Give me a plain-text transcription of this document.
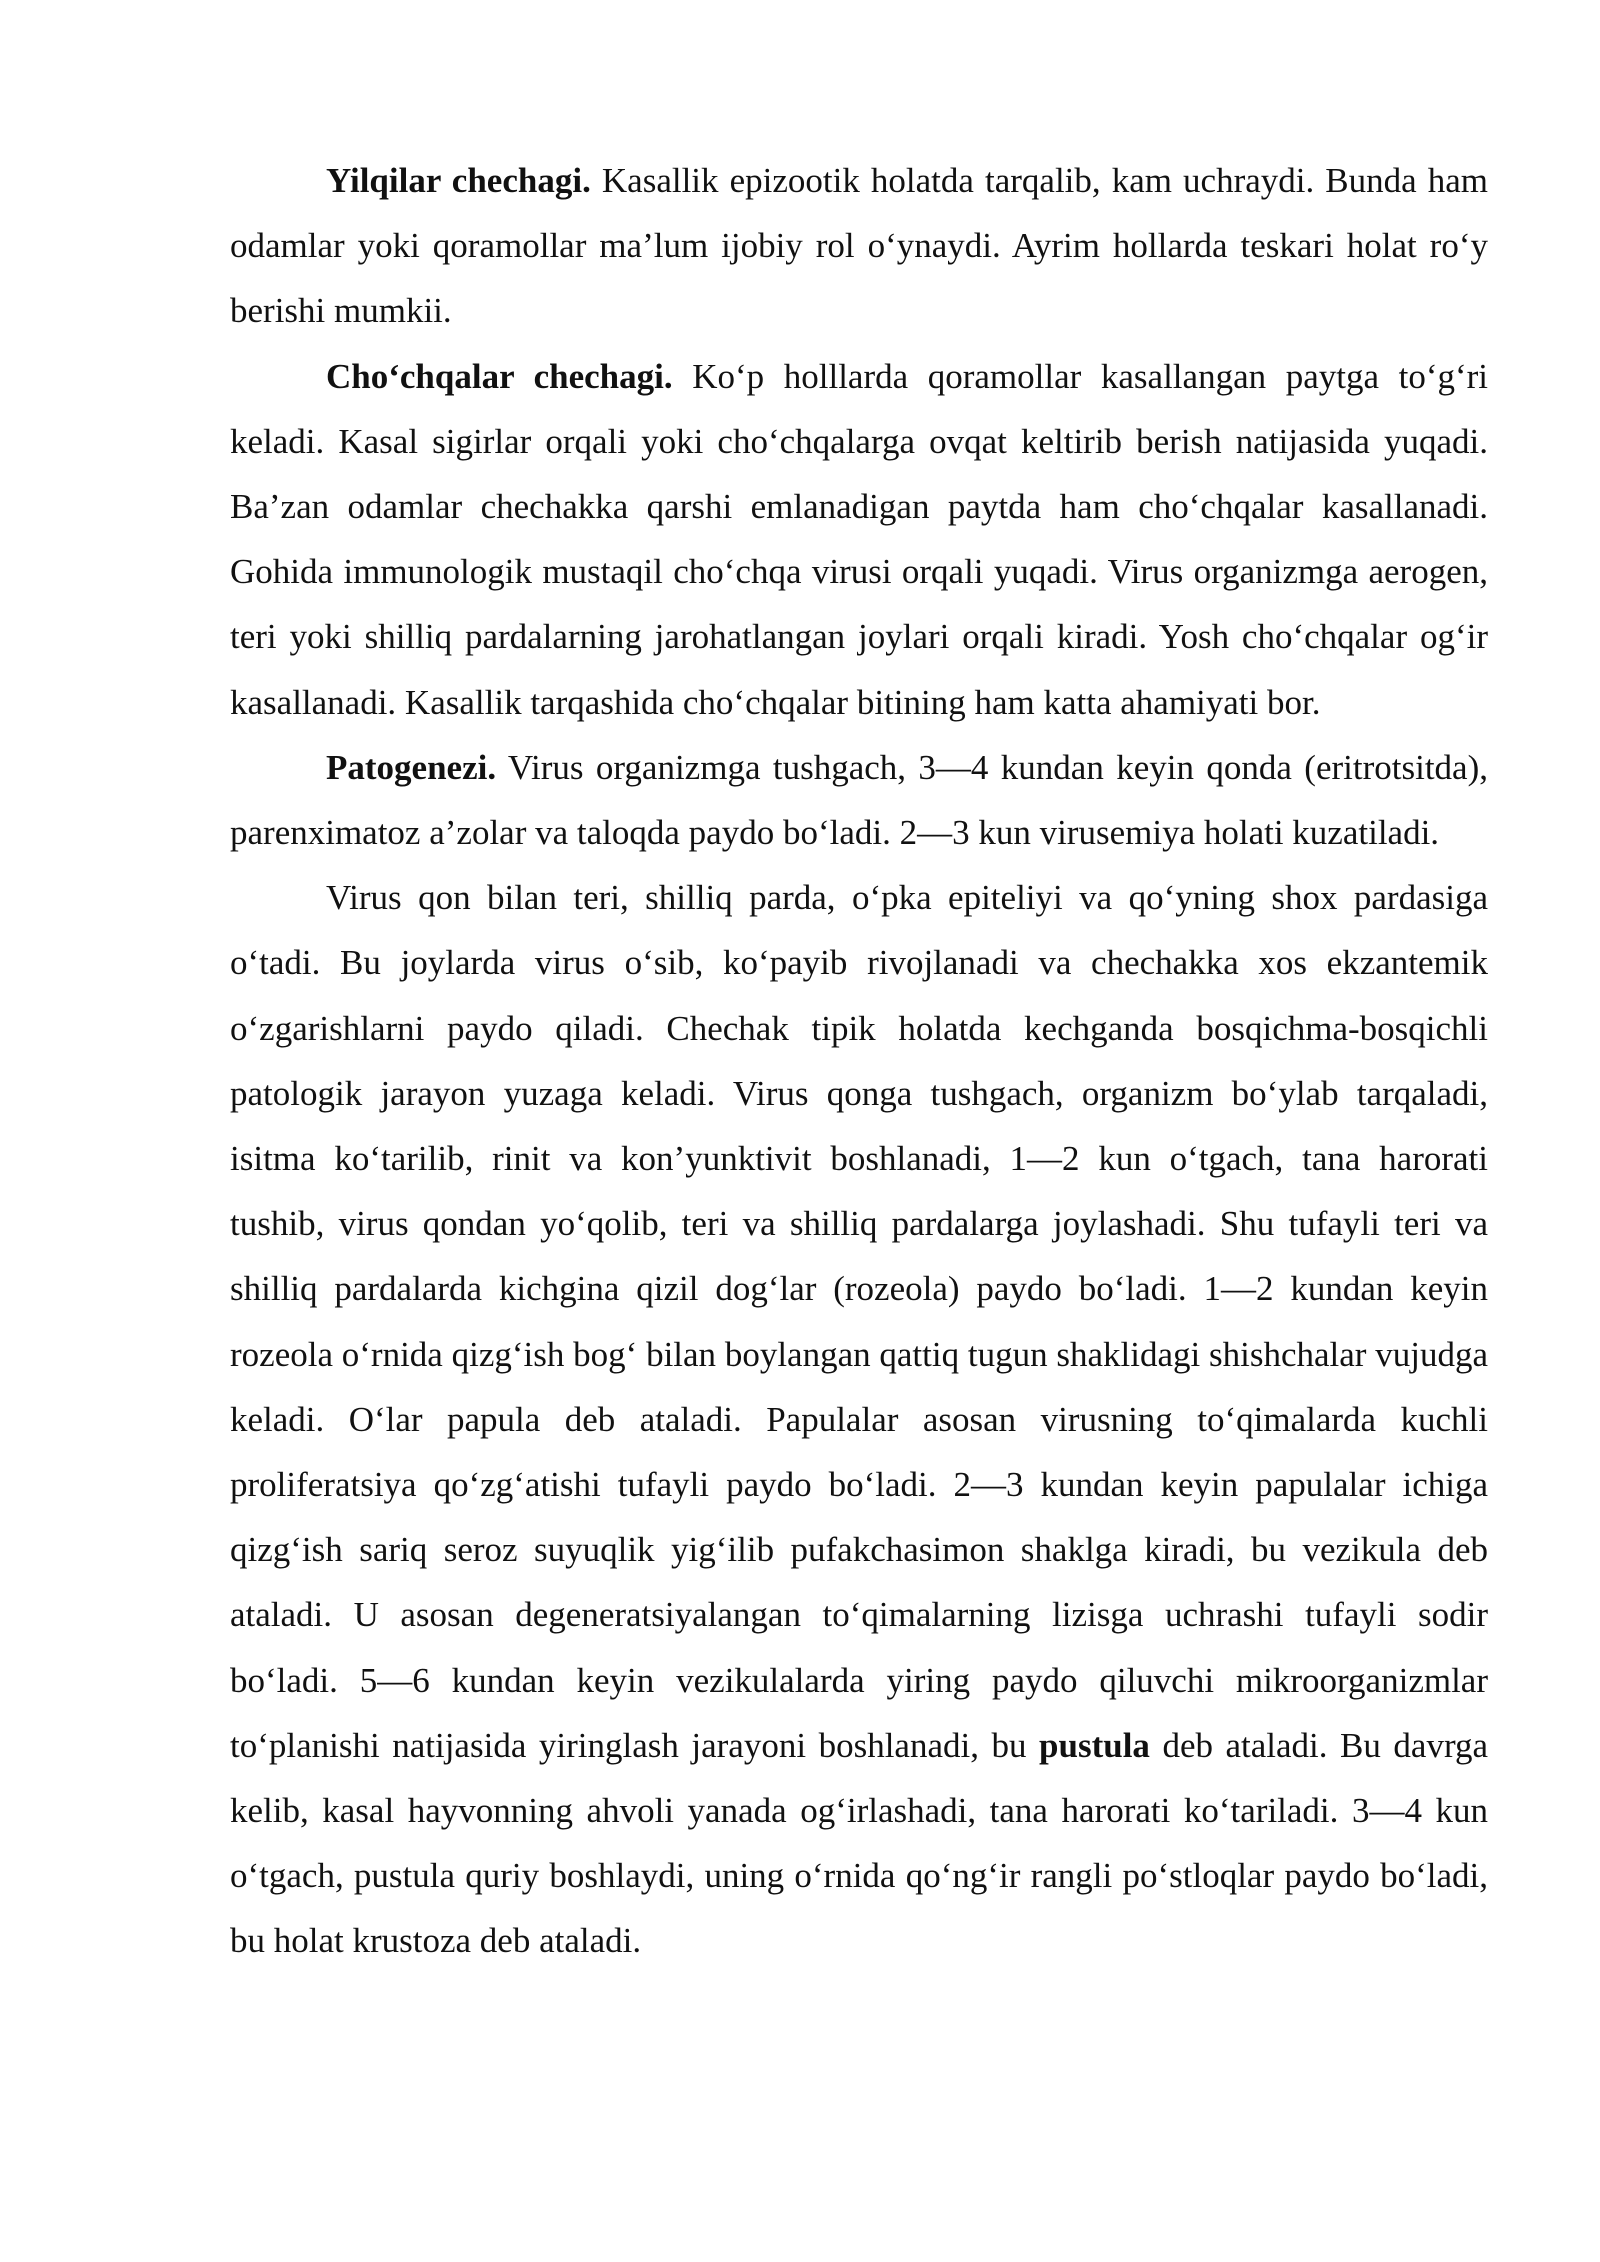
Yilqilar chechagi. Kasallik epizootik holatda tarqalib, kam uchraydi. Bunda ham odamlar yoki qoramollar ma’lum ijobiy rol o‘ynaydi. Ayrim hollarda teskari holat ro‘y berishi mumkii.

Cho‘chqalar chechagi. Ko‘p holllarda qoramollar kasallangan paytga to‘g‘ri keladi. Kasal sigirlar orqali yoki cho‘chqalarga ovqat keltirib berish natijasida yuqadi. Ba’zan odamlar chechakka qarshi emlanadigan paytda ham cho‘chqalar kasallanadi. Gohida immunologik mustaqil cho‘chqa virusi orqali yuqadi. Virus organizmga aerogen, teri yoki shilliq pardalarning jarohatlangan joylari orqali kiradi. Yosh cho‘chqalar og‘ir kasallanadi. Kasallik tarqashida cho‘chqalar bitining ham katta ahamiyati bor.

Patogenezi. Virus organizmga tushgach, 3—4 kundan keyin qonda (eritrotsitda), parenximatoz a’zolar va taloqda paydo bo‘ladi. 2—3 kun virusemiya holati kuzatiladi.

Virus qon bilan teri, shilliq parda, o‘pka epiteliyi va qo‘yning shox pardasiga o‘tadi. Bu joylarda virus o‘sib, ko‘payib rivojlanadi va chechakka xos ekzantemik o‘zgarishlarni paydo qiladi. Chechak tipik holatda kechganda bosqichma-bosqichli patologik jarayon yuzaga keladi. Virus qonga tushgach, organizm bo‘ylab tarqaladi, isitma ko‘tarilib, rinit va kon’yunktivit boshlanadi, 1—2 kun o‘tgach, tana harorati tushib, virus qondan yo‘qolib, teri va shilliq pardalarga joylashadi. Shu tufayli teri va shilliq pardalarda kichgina qizil dog‘lar (rozeola) paydo bo‘ladi. 1—2 kundan keyin rozeola o‘rnida qizg‘ish bog‘ bilan boylangan qattiq tugun shaklidagi shishchalar vujudga keladi. O‘lar papula deb ataladi. Papulalar asosan virusning to‘qimalarda kuchli proliferatsiya qo‘zg‘atishi tufayli paydo bo‘ladi. 2—3 kundan keyin papulalar ichiga qizg‘ish sariq seroz suyuqlik yig‘ilib pufakchasimon shaklga kiradi, bu vezikula deb ataladi. U asosan degeneratsiyalangan to‘qimalarning lizisga uchrashi tufayli sodir bo‘ladi. 5—6 kundan keyin vezikulalarda yiring paydo qiluvchi mikroorganizmlar to‘planishi natijasida yiringlash jarayoni boshlanadi, bu pustula deb ataladi. Bu davrga kelib, kasal hayvonning ahvoli yanada og‘irlashadi, tana harorati ko‘tariladi. 3—4 kun o‘tgach, pustula quriy boshlaydi, uning o‘rnida qo‘ng‘ir rangli po‘stloqlar paydo bo‘ladi, bu holat krustoza deb ataladi.
